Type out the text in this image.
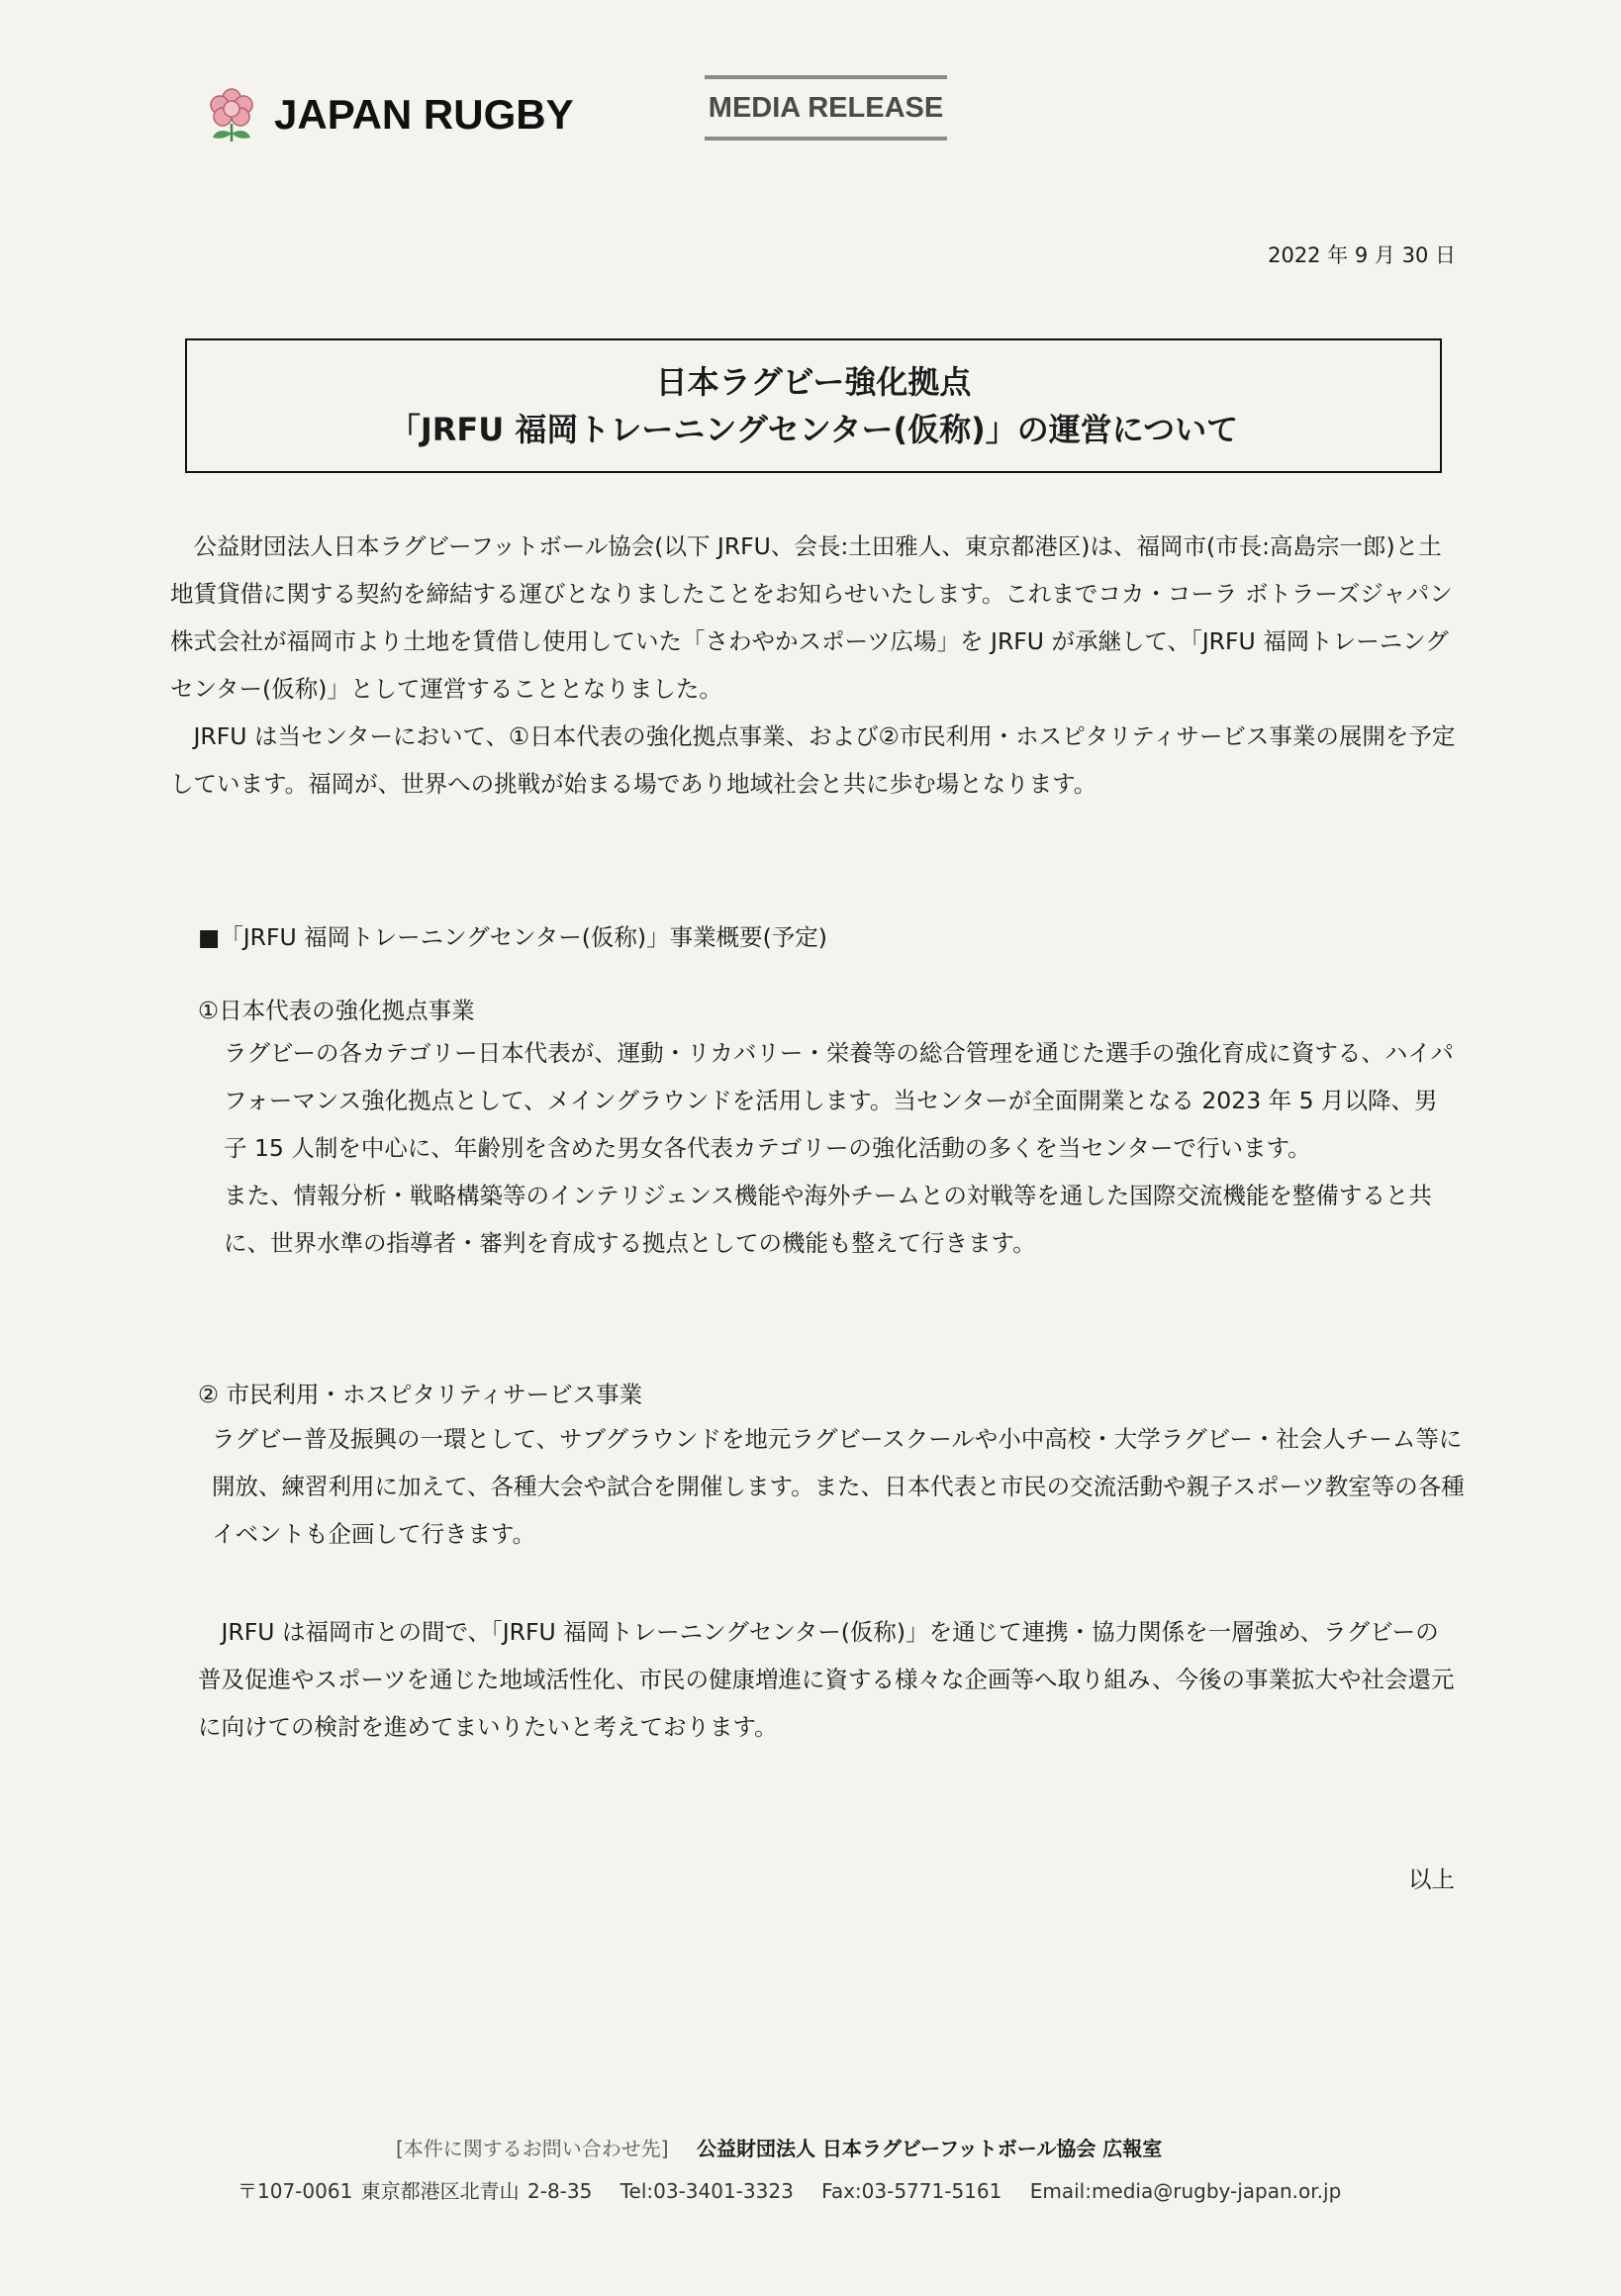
JAPAN RUGBY	MEDIA RELEASE
2022 年 9 月 30 日
日本ラグビー強化拠点
「JRFU 福岡トレーニングセンター(仮称)」の運営について

公益財団法人日本ラグビーフットボール協会(以下 JRFU、会長:土田雅人、東京都港区)は、福岡市(市長:高島宗一郎)と土地賃貸借に関する契約を締結する運びとなりましたことをお知らせいたします。これまでコカ・コーラ ボトラーズジャパン株式会社が福岡市より土地を賃借し使用していた「さわやかスポーツ広場」を JRFU が承継して、「JRFU 福岡トレーニングセンター(仮称)」として運営することとなりました。

JRFU は当センターにおいて、①日本代表の強化拠点事業、および②市民利用・ホスピタリティサービス事業の展開を予定しています。福岡が、世界への挑戦が始まる場であり地域社会と共に歩む場となります。

■「JRFU 福岡トレーニングセンター(仮称)」事業概要(予定)
①日本代表の強化拠点事業

ラグビーの各カテゴリー日本代表が、運動・リカバリー・栄養等の総合管理を通じた選手の強化育成に資する、ハイパフォーマンス強化拠点として、メイングラウンドを活用します。当センターが全面開業となる 2023 年 5 月以降、男子 15 人制を中心に、年齢別を含めた男女各代表カテゴリーの強化活動の多くを当センターで行います。

また、情報分析・戦略構築等のインテリジェンス機能や海外チームとの対戦等を通した国際交流機能を整備すると共に、世界水準の指導者・審判を育成する拠点としての機能も整えて行きます。

② 市民利用・ホスピタリティサービス事業

ラグビー普及振興の一環として、サブグラウンドを地元ラグビースクールや小中高校・大学ラグビー・社会人チーム等に開放、練習利用に加えて、各種大会や試合を開催します。また、日本代表と市民の交流活動や親子スポーツ教室等の各種イベントも企画して行きます。

JRFU は福岡市との間で、「JRFU 福岡トレーニングセンター(仮称)」を通じて連携・協力関係を一層強め、ラグビーの普及促進やスポーツを通じた地域活性化、市民の健康増進に資する様々な企画等へ取り組み、今後の事業拡大や社会還元に向けての検討を進めてまいりたいと考えております。

以上
[本件に関するお問い合わせ先] 公益財団法人 日本ラグビーフットボール協会 広報室
〒107-0061 東京都港区北青山 2-8-35 Tel:03-3401-3323 Fax:03-5771-5161 Email:media@rugby-japan.or.jp
